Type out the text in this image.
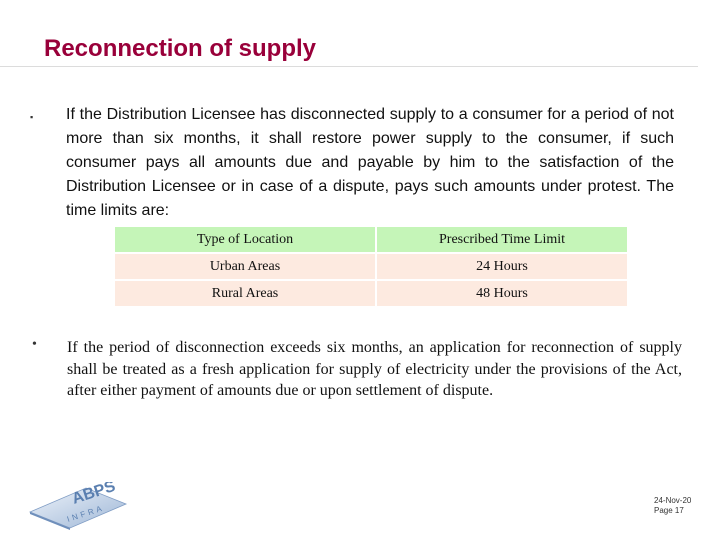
Reconnection of supply
▪ If the Distribution Licensee has disconnected supply to a consumer for a period of not more than six months, it shall restore power supply to the consumer, if such consumer pays all amounts due and payable by him to the satisfaction of the Distribution Licensee or in case of a dispute, pays such amounts under protest. The time limits are:

Type of Location	Prescribed Time Limit
Urban Areas	24 Hours
Rural Areas	48 Hours
• If the period of disconnection exceeds six months, an application for reconnection of supply shall be treated as a fresh application for supply of electricity under the provisions of the Act, after either payment of amounts due or upon settlement of dispute.

ABPS
INFRA
24-Nov-20
Page 17
